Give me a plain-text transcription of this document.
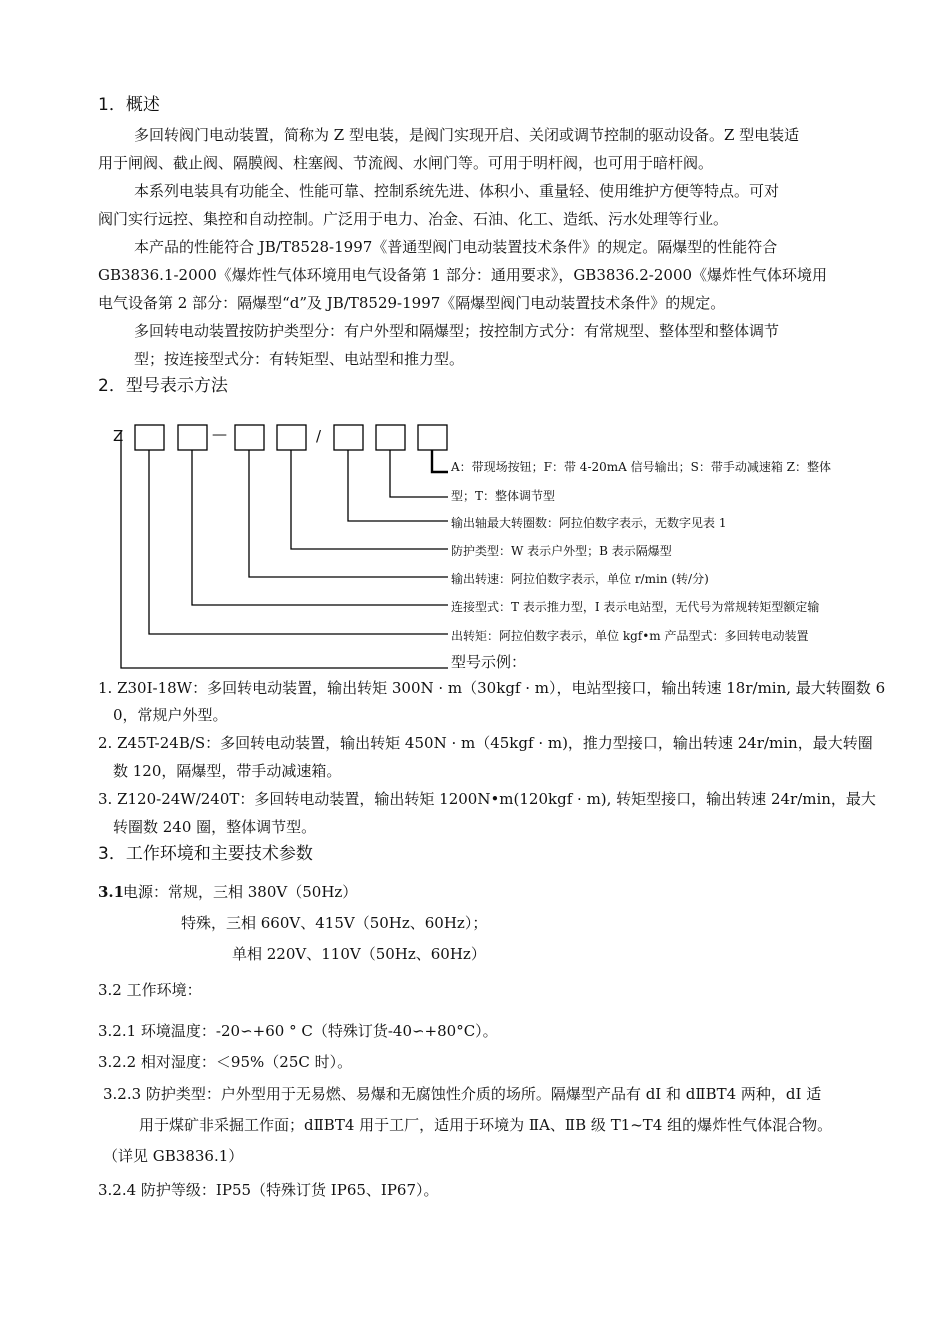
1．概述
多回转阀门电动装置，简称为 Z 型电装，是阀门实现开启、关闭或调节控制的驱动设备。Z 型电装适
用于闸阀、截止阀、隔膜阀、柱塞阀、节流阀、水闸门等。可用于明杆阀，也可用于暗杆阀。
本系列电装具有功能全、性能可靠、控制系统先进、体积小、重量轻、使用维护方便等特点。可对
阀门实行远控、集控和自动控制。广泛用于电力、冶金、石油、化工、造纸、污水处理等行业。
本产品的性能符合 JB/T8528-1997《普通型阀门电动装置技术条件》的规定。隔爆型的性能符合
GB3836.1-2000《爆炸性气体环境用电气设备第 1 部分：通用要求》，GB3836.2-2000《爆炸性气体环境用
电气设备第 2 部分：隔爆型“d”及 JB/T8529-1997《隔爆型阀门电动装置技术条件》的规定。
多回转电动装置按防护类型分：有户外型和隔爆型；按控制方式分：有常规型、整体型和整体调节
型；按连接型式分：有转矩型、电站型和推力型。
2．型号表示方法
Z	—	/
A：带现场按钮；F：带 4-20mA 信号输出；S：带手动减速箱 Z：整体
型；T：整体调节型
输出轴最大转圈数：阿拉伯数字表示，无数字见表 1
防护类型：W 表示户外型；B 表示隔爆型
输出转速：阿拉伯数字表示，单位 r/min (转/分)
连接型式：T 表示推力型，I 表示电站型，无代号为常规转矩型额定输
出转矩：阿拉伯数字表示，单位 kgf•m 产品型式：多回转电动装置
型号示例：
1. Z30I-18W：多回转电动装置，输出转矩 300N · m（30kgf · m），电站型接口，输出转速 18r/min, 最大转圈数 6
0，常规户外型。
2. Z45T-24B/S：多回转电动装置，输出转矩 450N · m（45kgf · m)，推力型接口，输出转速 24r/min，最大转圈
数 120，隔爆型，带手动减速箱。
3. Z120-24W/240T：多回转电动装置，输出转矩 1200N•m(120kgf · m), 转矩型接口，输出转速 24r/min，最大
转圈数 240 圈，整体调节型。
3．工作环境和主要技术参数
3.1
电源：常规，三相 380V（50Hz）
特殊，三相 660V、415V（50Hz、60Hz）；
单相 220V、110V（50Hz、60Hz）
3.2 工作环境：
3.2.1 环境温度：-20∽+60 ° C（特殊订货-40∽+80°C）。
3.2.2 相对湿度：＜95%（25C 时）。
3.2.3 防护类型：户外型用于无易燃、易爆和无腐蚀性介质的场所。隔爆型产品有 dⅠ 和 dⅡBT4 两种，dⅠ 适
用于煤矿非采掘工作面；dⅡBT4 用于工厂，适用于环境为 ⅡA、ⅡB 级 T1~T4 组的爆炸性气体混合物。
（详见 GB3836.1）
3.2.4 防护等级：IP55（特殊订货 IP65、IP67）。
